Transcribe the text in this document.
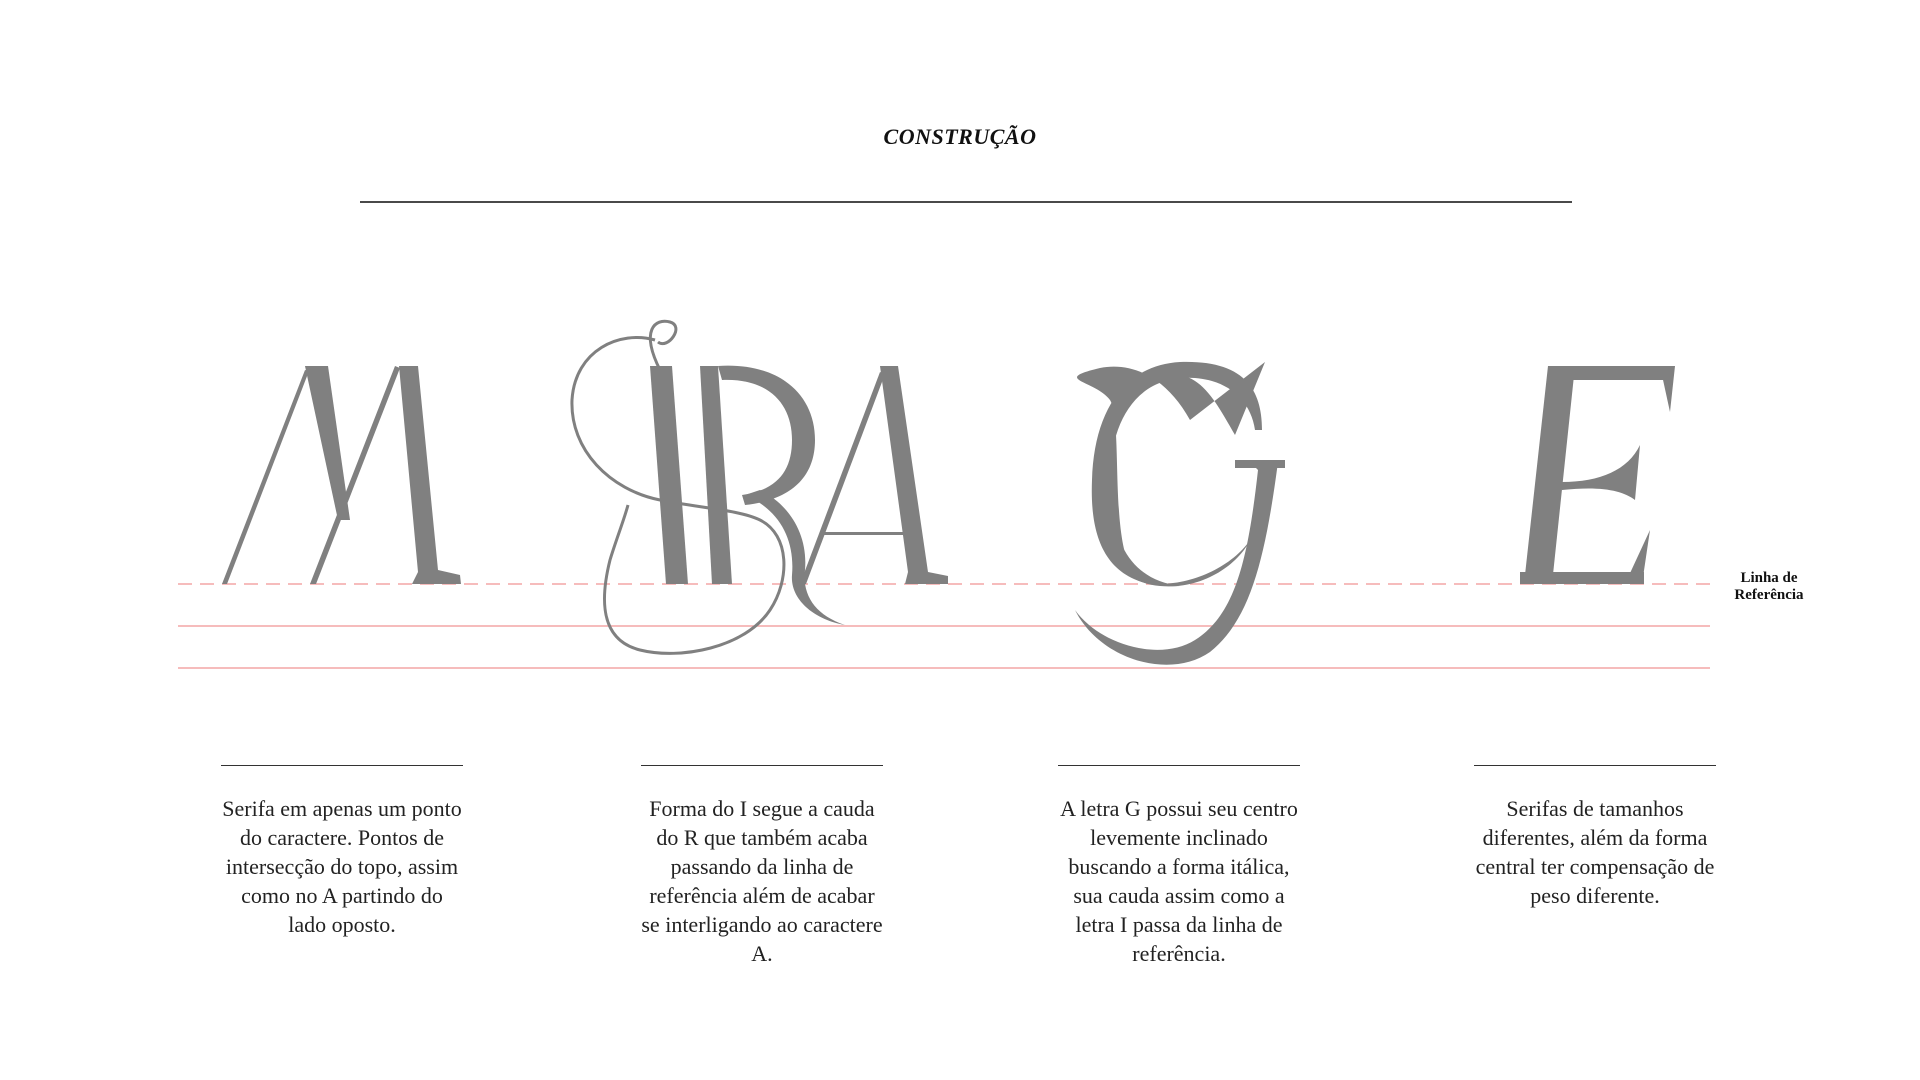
CONSTRUÇÃO
Linha de Referência

Serifa em apenas um ponto do caractere. Pontos de intersecção do topo, assim como no A partindo do lado oposto.

Forma do I segue a cauda do R que também acaba passando da linha de referência além de acabar se interligando ao caractere A.

A letra G possui seu centro levemente inclinado buscando a forma itálica, sua cauda assim como a letra I passa da linha de referência.

Serifas de tamanhos diferentes, além da forma central ter compensação de peso diferente.
